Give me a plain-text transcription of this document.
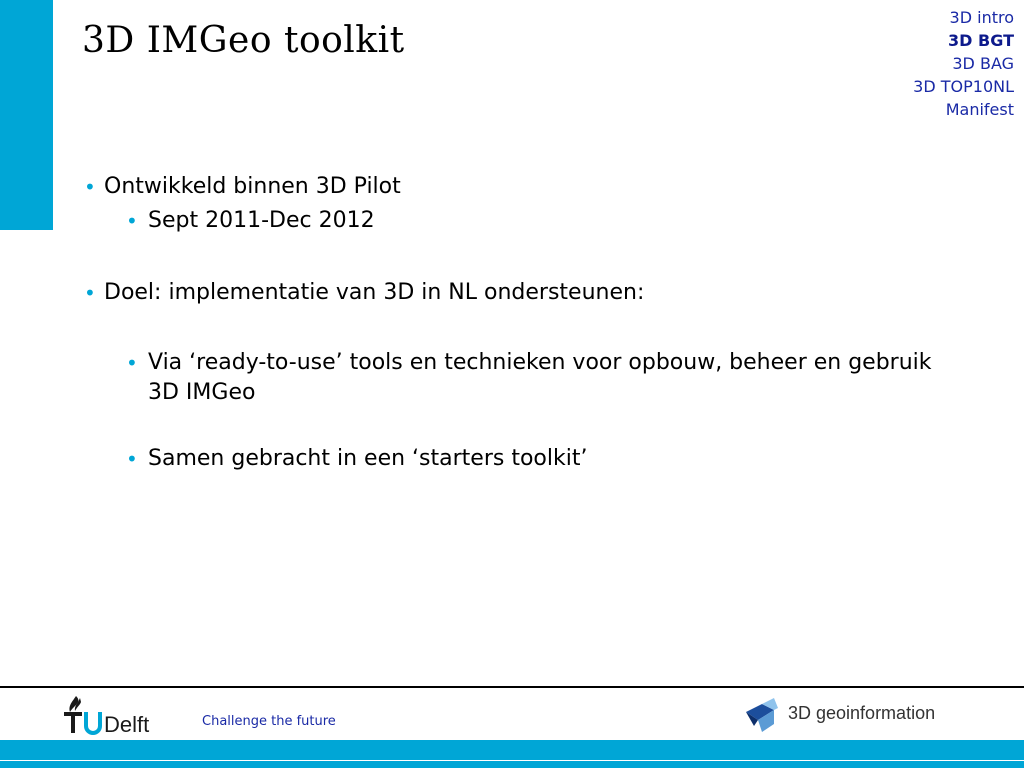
3D IMGeo toolkit
3D intro
3D BGT
3D BAG
3D TOP10NL
Manifest
• Ontwikkeld binnen 3D Pilot
• Sept 2011-Dec 2012
• Doel: implementatie van 3D in NL ondersteunen:
• Via ‘ready-to-use’ tools en technieken voor opbouw, beheer en gebruik 3D IMGeo
• Samen gebracht in een ‘starters toolkit’
Delft	Challenge the future	3D geoinformation
